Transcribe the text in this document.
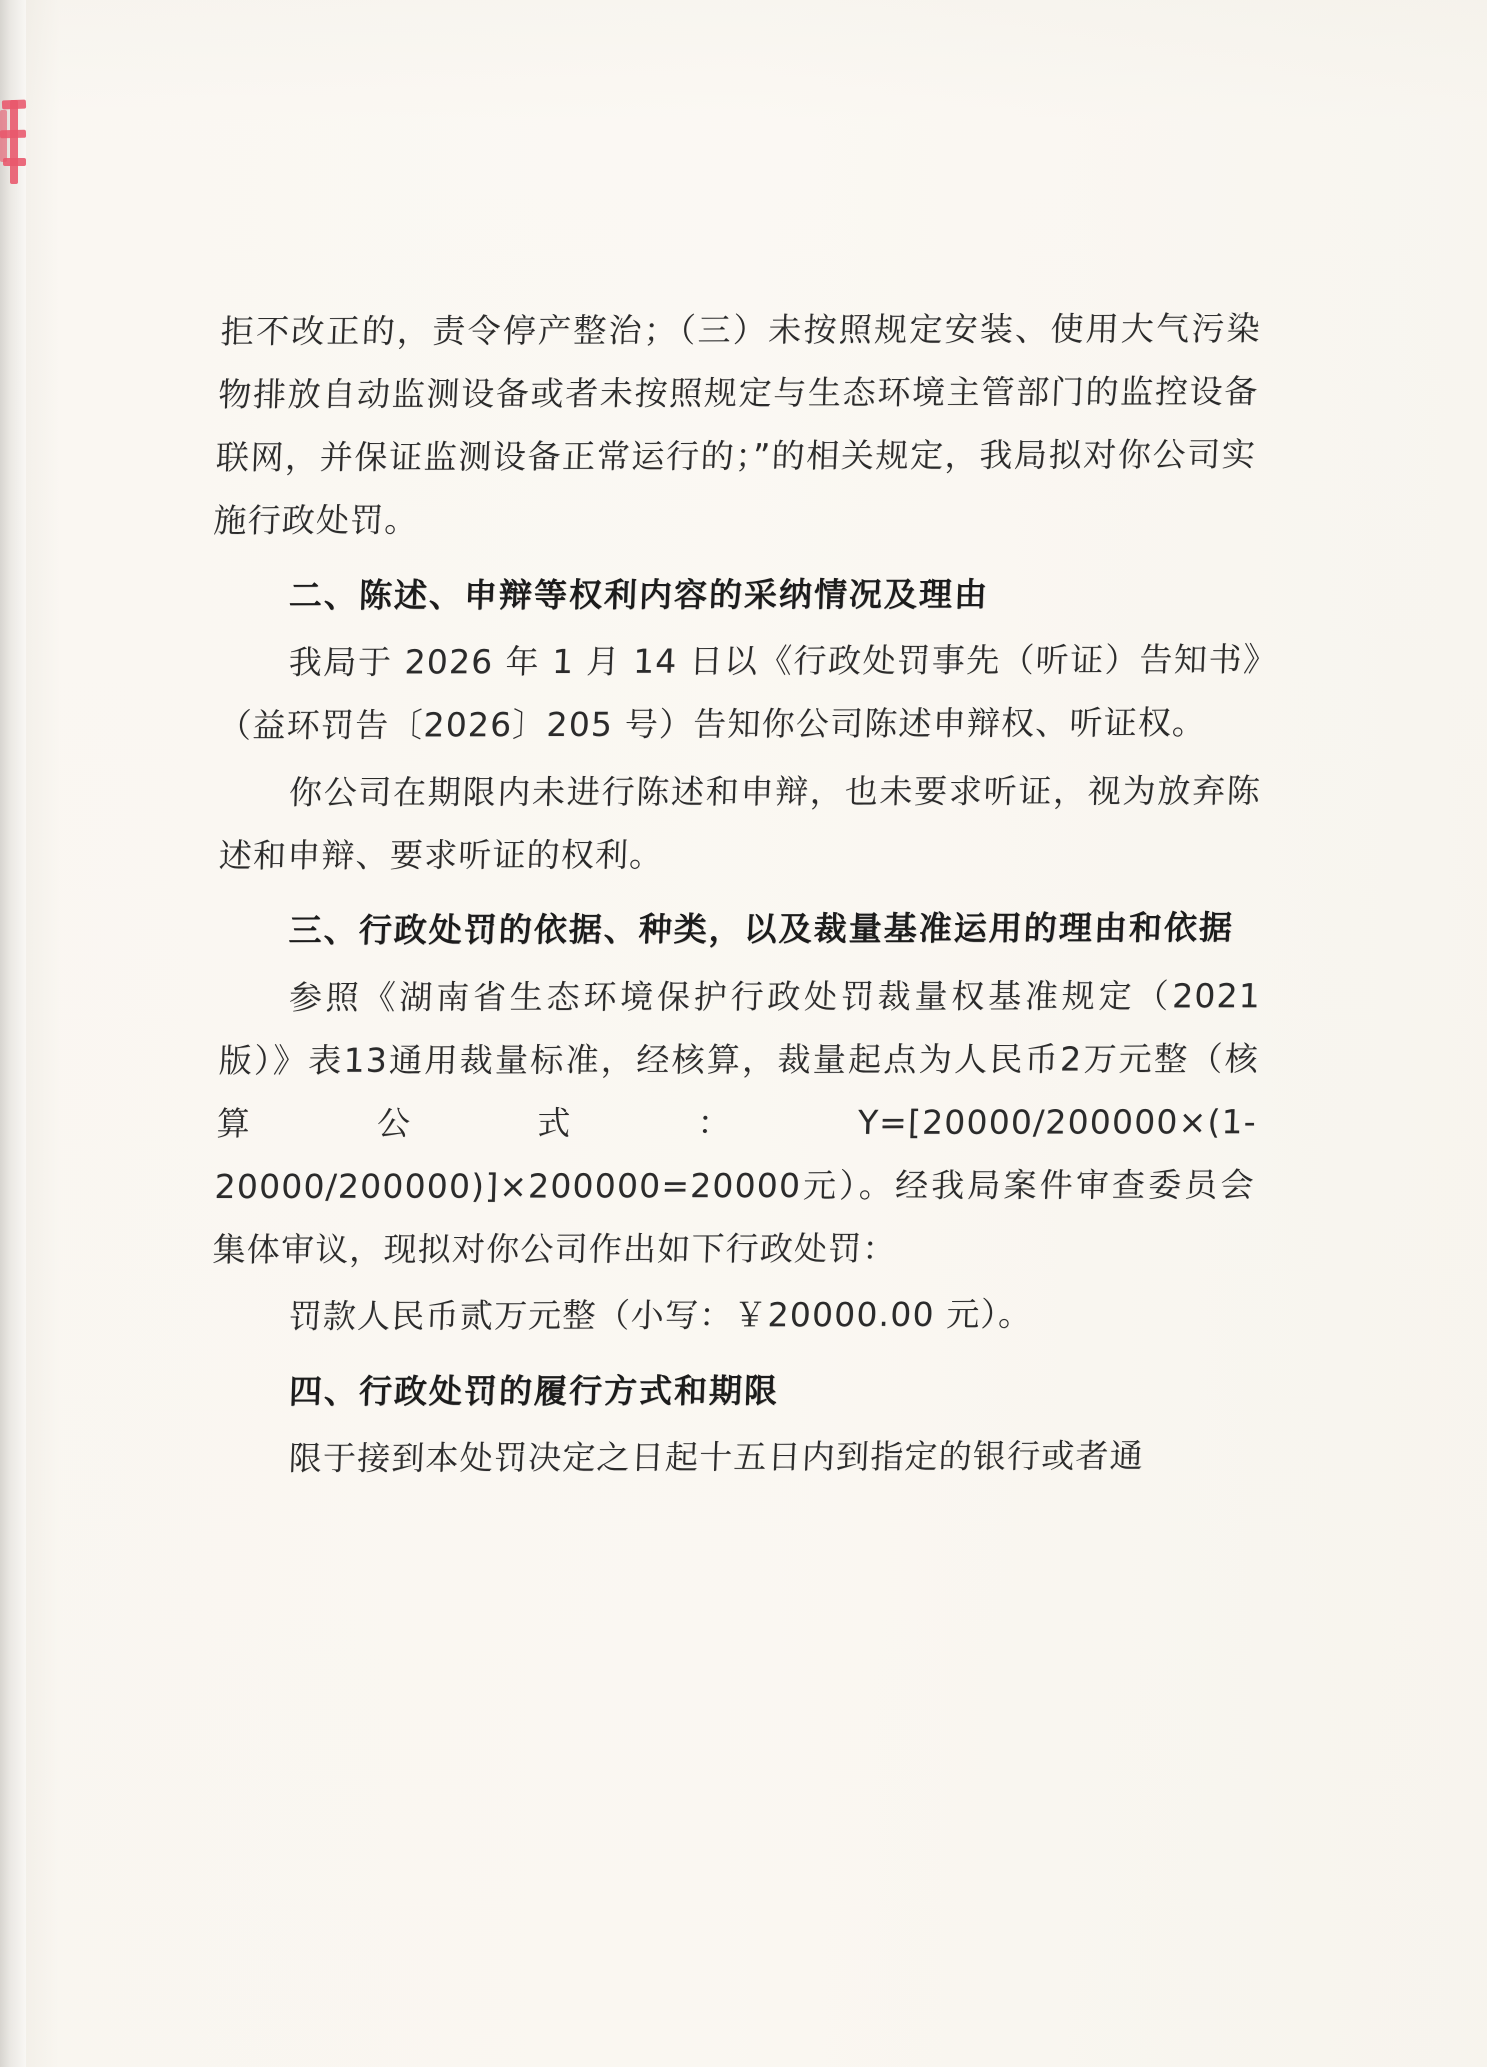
拒不改正的，责令停产整治；（三）未按照规定安装、使用大气污染物排放自动监测设备或者未按照规定与生态环境主管部门的监控设备联网，并保证监测设备正常运行的；”的相关规定，我局拟对你公司实施行政处罚。

二、陈述、申辩等权利内容的采纳情况及理由

我局于 2026 年 1 月 14 日以《行政处罚事先（听证）告知书》（益环罚告〔2026〕205 号）告知你公司陈述申辩权、听证权。

你公司在期限内未进行陈述和申辩，也未要求听证，视为放弃陈述和申辩、要求听证的权利。

三、行政处罚的依据、种类，以及裁量基准运用的理由和依据

参照《湖南省生态环境保护行政处罚裁量权基准规定（2021版）》表13通用裁量标准，经核算，裁量起点为人民币2万元整（核算公式：Y=[20000/200000×(1-20000/200000)]×200000=20000元）。经我局案件审查委员会集体审议，现拟对你公司作出如下行政处罚：

罚款人民币贰万元整（小写：￥20000.00 元）。

四、行政处罚的履行方式和期限

限于接到本处罚决定之日起十五日内到指定的银行或者通
